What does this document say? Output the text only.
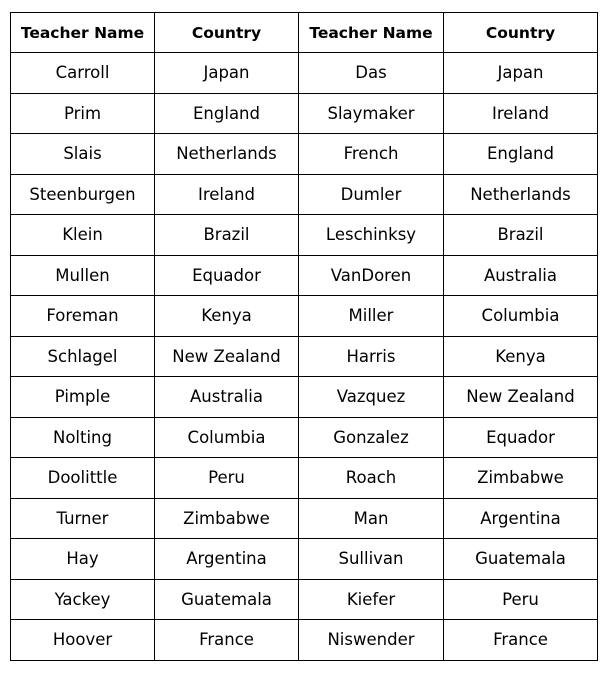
Teacher Name	Country	Teacher Name	Country
Carroll	Japan	Das	Japan
Prim	England	Slaymaker	Ireland
Slais	Netherlands	French	England
Steenburgen	Ireland	Dumler	Netherlands
Klein	Brazil	Leschinksy	Brazil
Mullen	Equador	VanDoren	Australia
Foreman	Kenya	Miller	Columbia
Schlagel	New Zealand	Harris	Kenya
Pimple	Australia	Vazquez	New Zealand
Nolting	Columbia	Gonzalez	Equador
Doolittle	Peru	Roach	Zimbabwe
Turner	Zimbabwe	Man	Argentina
Hay	Argentina	Sullivan	Guatemala
Yackey	Guatemala	Kiefer	Peru
Hoover	France	Niswender	France
